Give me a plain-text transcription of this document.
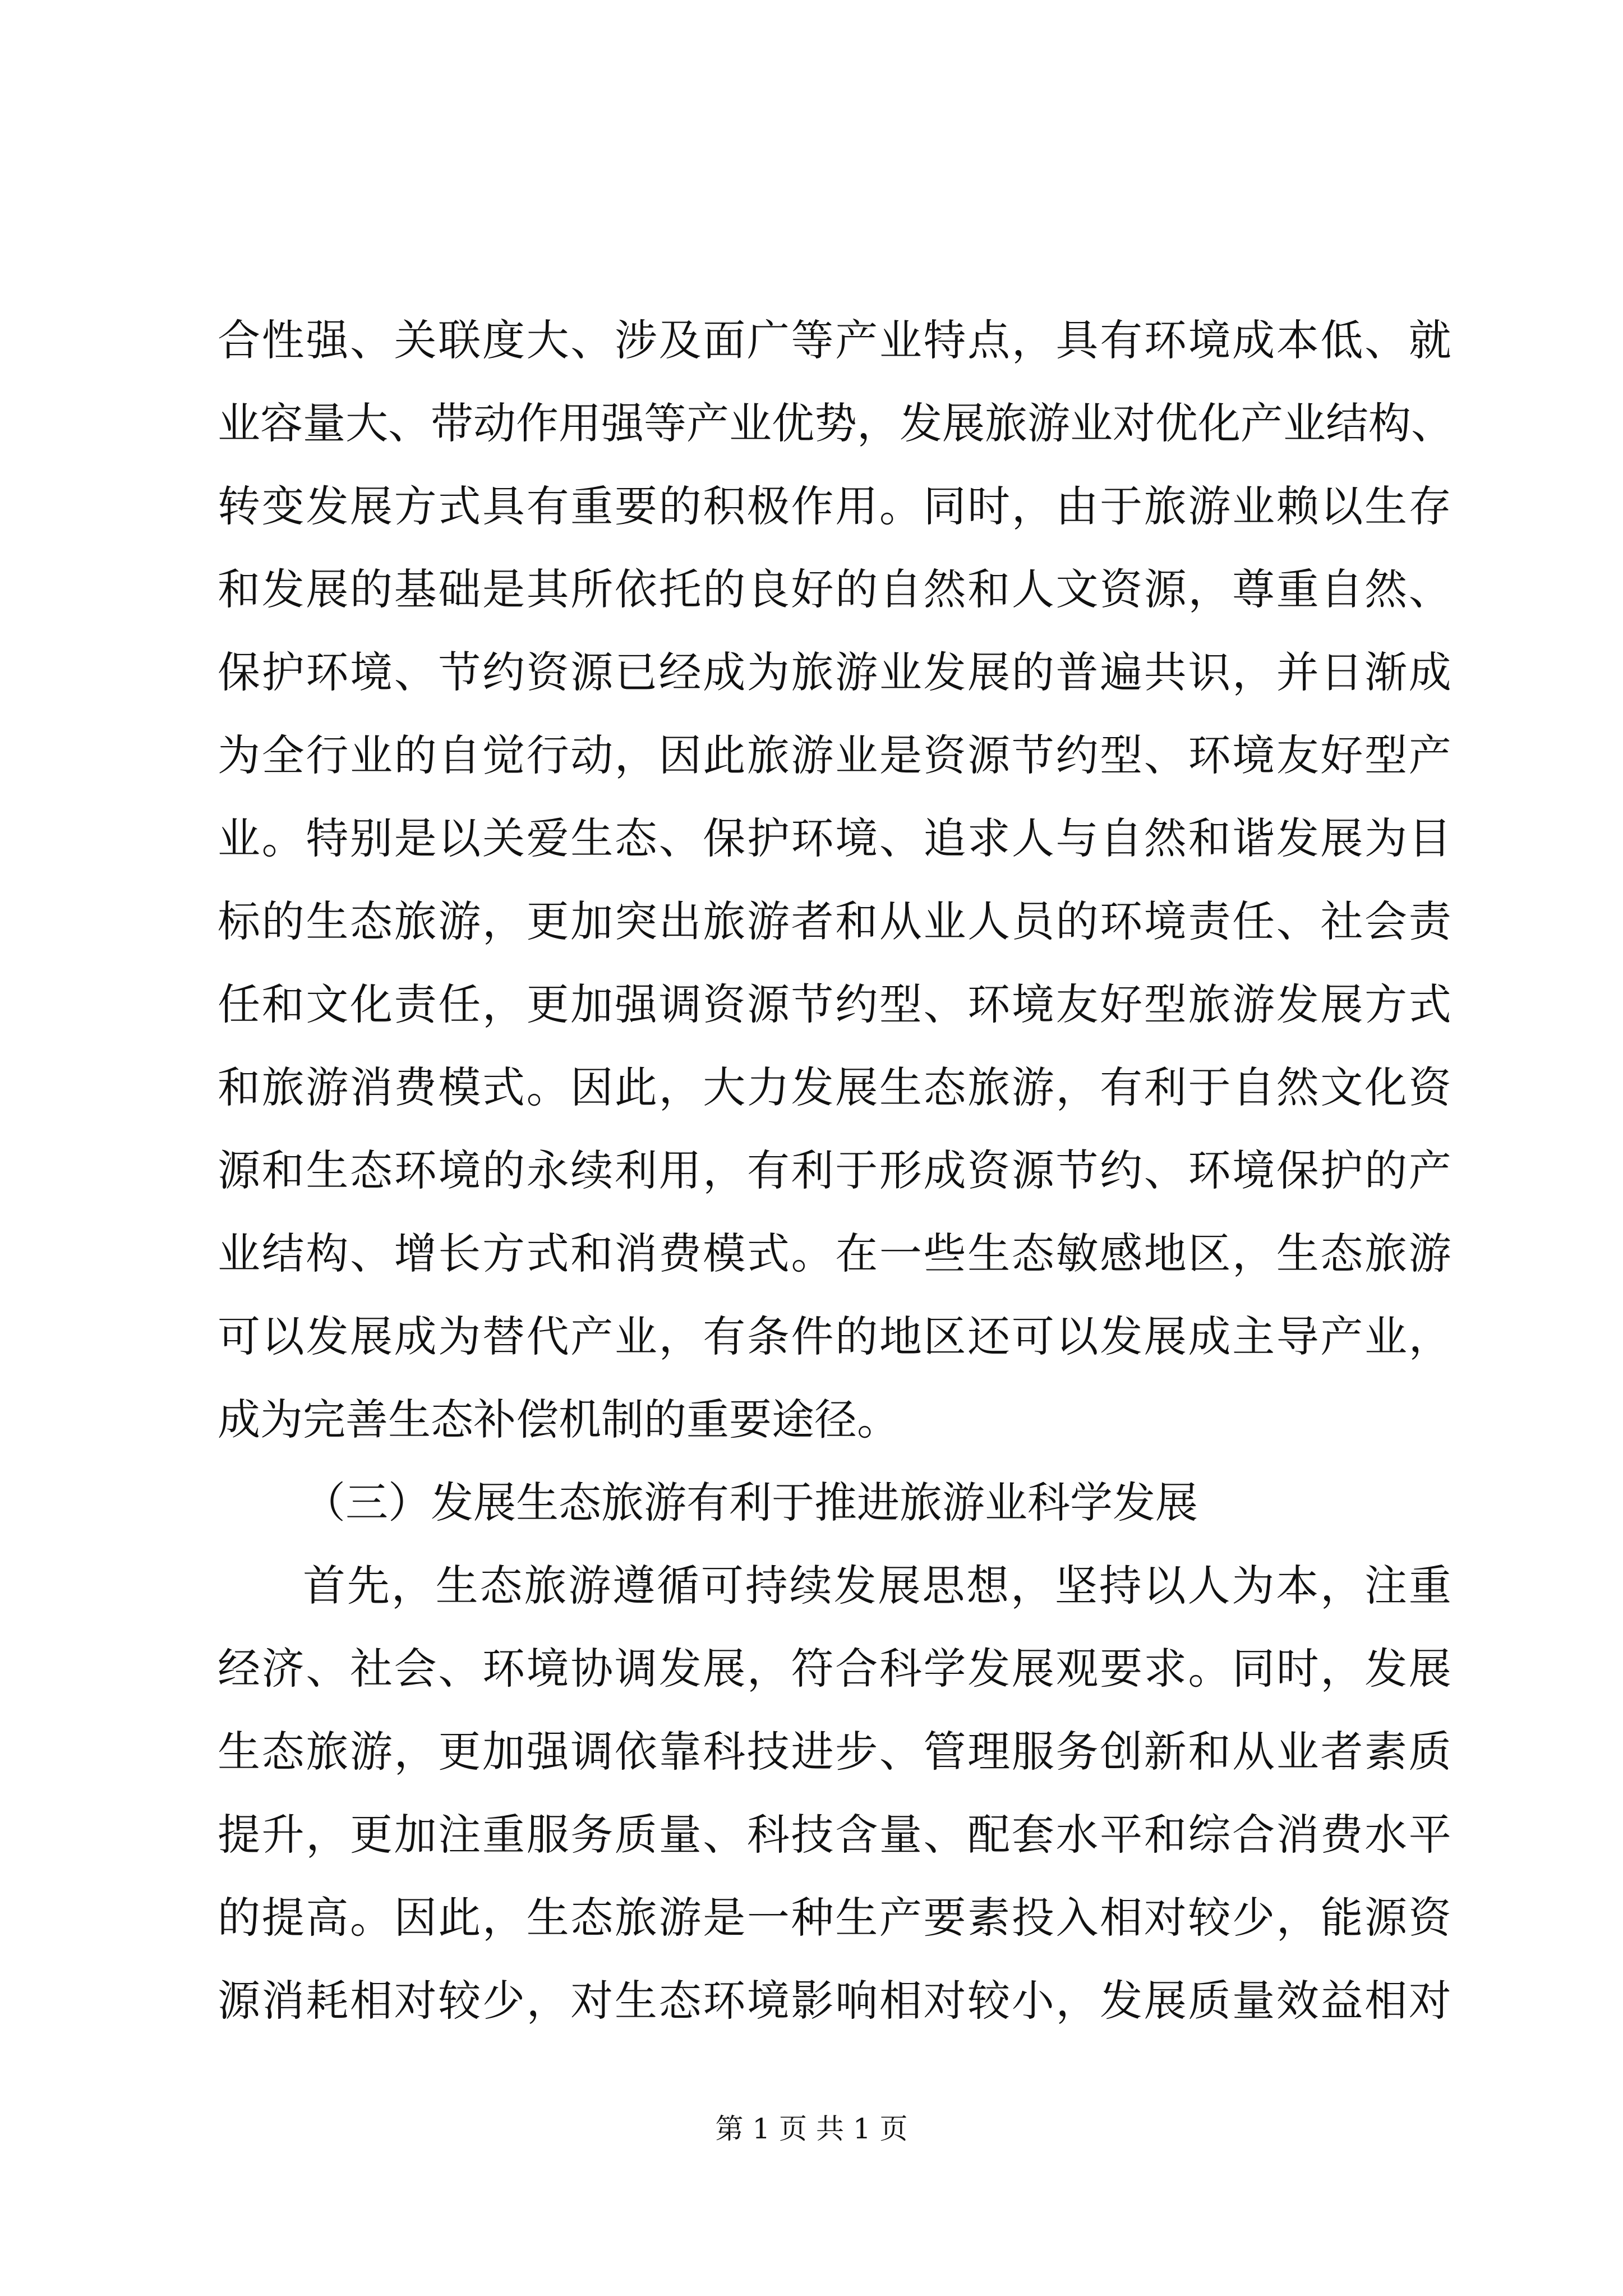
合 性 强 、 关 联 度 大 、 涉 及 面 广 等 产 业 特 点 ， 具 有 环 境 成 本 低 、 就
业 容 量 大 、 带 动 作 用 强 等 产 业 优 势 ， 发 展 旅 游 业 对 优 化 产 业 结 构 、
转 变 发 展 方 式 具 有 重 要 的 积 极 作 用 。 同 时 ， 由 于 旅 游 业 赖 以 生 存
和 发 展 的 基 础 是 其 所 依 托 的 良 好 的 自 然 和 人 文 资 源 ， 尊 重 自 然 、
保 护 环 境 、 节 约 资 源 已 经 成 为 旅 游 业 发 展 的 普 遍 共 识 ， 并 日 渐 成
为 全 行 业 的 自 觉 行 动 ， 因 此 旅 游 业 是 资 源 节 约 型 、 环 境 友 好 型 产
业 。 特 别 是 以 关 爱 生 态 、 保 护 环 境 、 追 求 人 与 自 然 和 谐 发 展 为 目
标 的 生 态 旅 游 ， 更 加 突 出 旅 游 者 和 从 业 人 员 的 环 境 责 任 、 社 会 责
任 和 文 化 责 任 ， 更 加 强 调 资 源 节 约 型 、 环 境 友 好 型 旅 游 发 展 方 式
和 旅 游 消 费 模 式 。 因 此 ， 大 力 发 展 生 态 旅 游 ， 有 利 于 自 然 文 化 资
源 和 生 态 环 境 的 永 续 利 用 ， 有 利 于 形 成 资 源 节 约 、 环 境 保 护 的 产
业 结 构 、 增 长 方 式 和 消 费 模 式 。 在 一 些 生 态 敏 感 地 区 ， 生 态 旅 游
可 以 发 展 成 为 替 代 产 业 ， 有 条 件 的 地 区 还 可 以 发 展 成 主 导 产 业 ，
成为完善生态补偿机制的重要途径。
（三）发展生态旅游有利于推进旅游业科学发展
首 先 ， 生 态 旅 游 遵 循 可 持 续 发 展 思 想 ， 坚 持 以 人 为 本 ， 注 重
经 济 、 社 会 、 环 境 协 调 发 展 ， 符 合 科 学 发 展 观 要 求 。 同 时 ， 发 展
生 态 旅 游 ， 更 加 强 调 依 靠 科 技 进 步 、 管 理 服 务 创 新 和 从 业 者 素 质
提 升 ， 更 加 注 重 服 务 质 量 、 科 技 含 量 、 配 套 水 平 和 综 合 消 费 水 平
的 提 高 。 因 此 ， 生 态 旅 游 是 一 种 生 产 要 素 投 入 相 对 较 少 ， 能 源 资
源 消 耗 相 对 较 少 ， 对 生 态 环 境 影 响 相 对 较 小 ， 发 展 质 量 效 益 相 对
第 1 页 共 1 页
